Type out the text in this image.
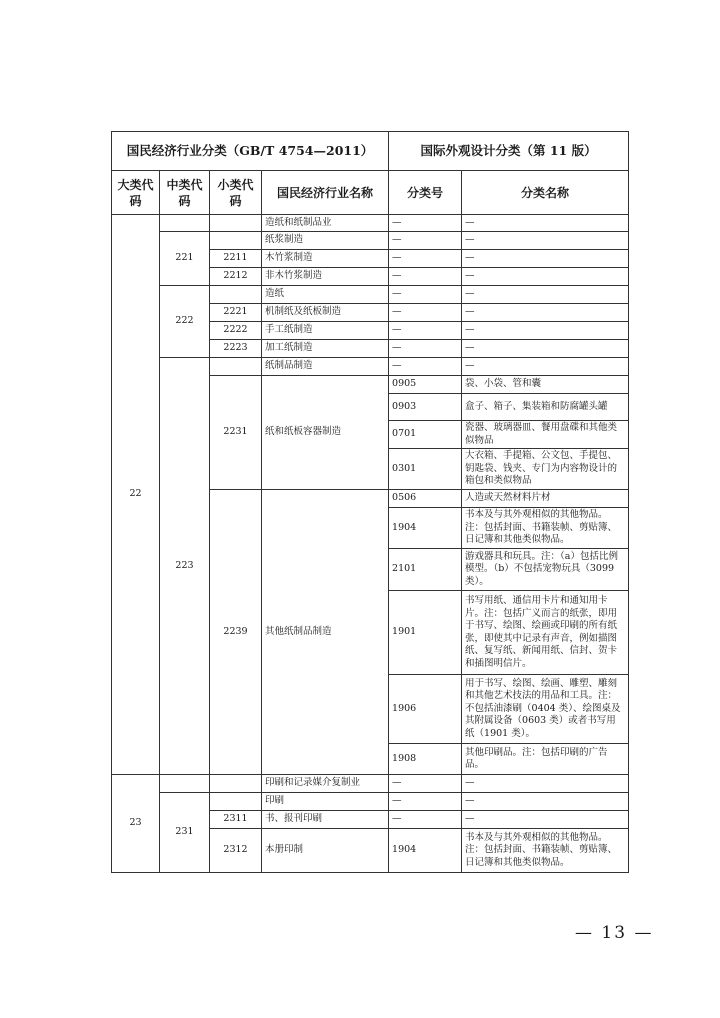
国民经济行业分类（GB/T 4754—2011）				国际外观设计分类（第 11 版）	
大类代码	中类代码	小类代码	国民经济行业名称	分类号	分类名称
22			造纸和纸制品业	—	—
	221		纸浆制造	—	—
		2211	木竹浆制造	—	—
		2212	非木竹浆制造	—	—
	222		造纸	—	—
		2221	机制纸及纸板制造	—	—
		2222	手工纸制造	—	—
		2223	加工纸制造	—	—
	223		纸制品制造	—	—
		2231	纸和纸板容器制造	0905	袋、小袋、管和囊
				0903	盒子、箱子、集装箱和防腐罐头罐
				0701	瓷器、玻璃器皿、餐用盘碟和其他类似物品
				0301	大衣箱、手提箱、公文包、手提包、钥匙袋、钱夹、专门为内容物设计的箱包和类似物品
		2239	其他纸制品制造	0506	人造或天然材料片材
				1904	书本及与其外观相似的其他物品。注：包括封面、书籍装帧、剪贴簿、日记簿和其他类似物品。
				2101	游戏器具和玩具。注：（a）包括比例模型。（b）不包括宠物玩具（3099 类）。
				1901	书写用纸、通信用卡片和通知用卡片。注：包括广义而言的纸张，即用于书写、绘图、绘画或印刷的所有纸张，即使其中记录有声音，例如描图纸、复写纸、新闻用纸、信封、贺卡和插图明信片。
				1906	用于书写、绘图、绘画、雕塑、雕刻和其他艺术技法的用品和工具。注：不包括油漆刷（0404 类）、绘图桌及其附属设备（0603 类）或者书写用纸（1901 类）。
				1908	其他印刷品。注：包括印刷的广告品。
23			印刷和记录媒介复制业	—	—
	231		印刷	—	—
		2311	书、报刊印刷	—	—
		2312	本册印制	1904	书本及与其外观相似的其他物品。注：包括封面、书籍装帧、剪贴簿、日记簿和其他类似物品。
— 13 —
